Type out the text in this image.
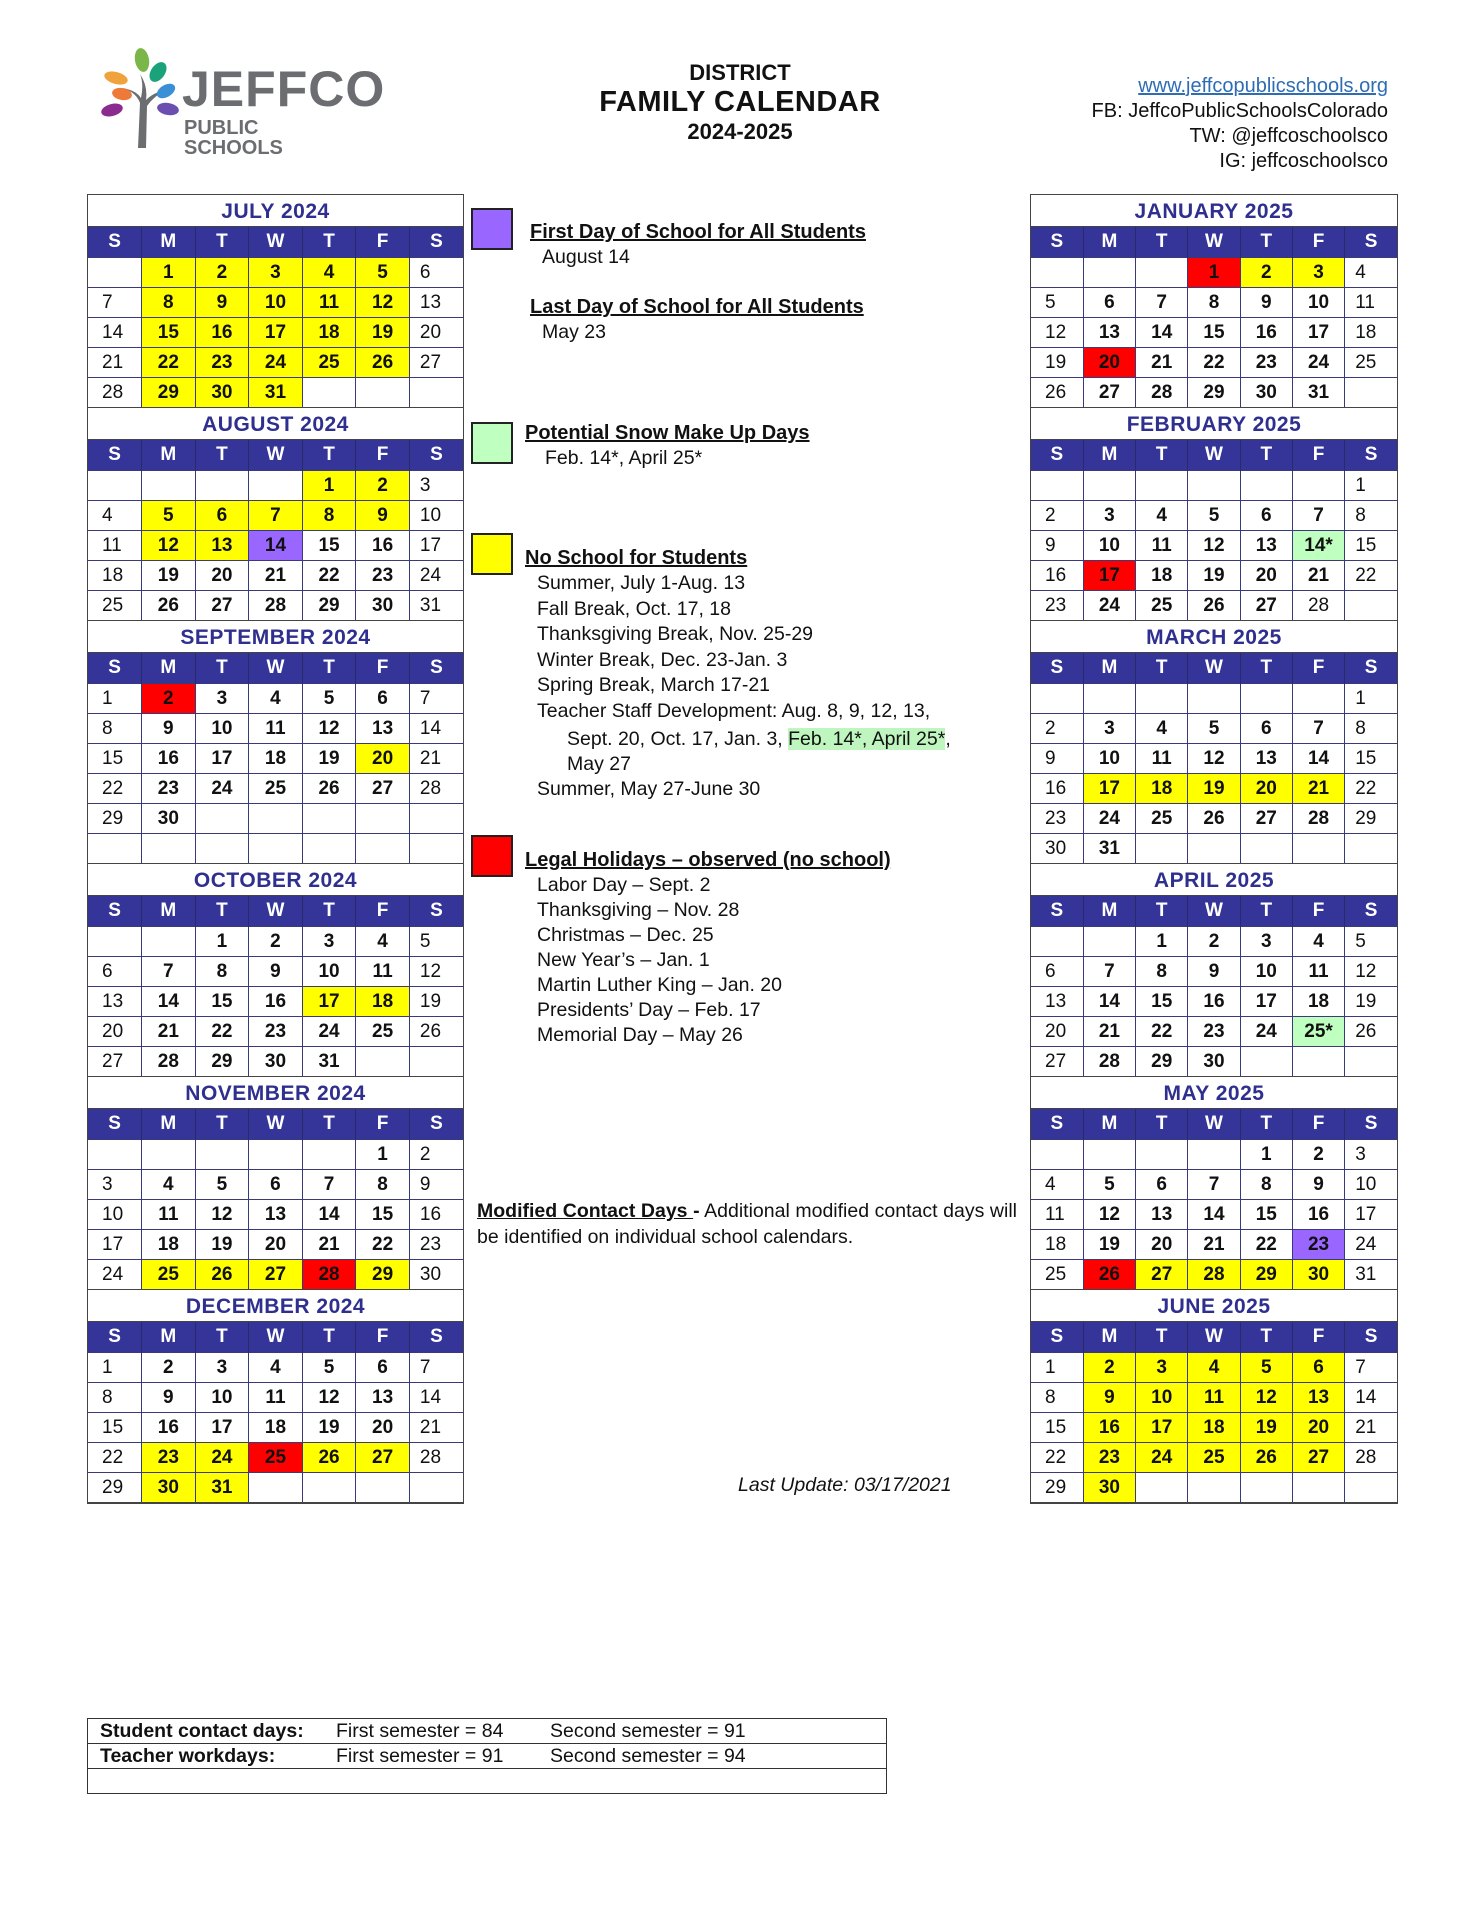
JEFFCO
PUBLIC SCHOOLS
DISTRICT
FAMILY CALENDAR
2024-2025
www.jeffcopublicschools.org
FB: JeffcoPublicSchoolsColorado
TW: @jeffcoschoolsco
IG: jeffcoschoolsco
JULY 2024
S	M	T	W	T	F	S
	1	2	3	4	5	6
7	8	9	10	11	12	13
14	15	16	17	18	19	20
21	22	23	24	25	26	27
28	29	30	31			
AUGUST 2024
S	M	T	W	T	F	S
				1	2	3
4	5	6	7	8	9	10
11	12	13	14	15	16	17
18	19	20	21	22	23	24
25	26	27	28	29	30	31
SEPTEMBER 2024
S	M	T	W	T	F	S
1	2	3	4	5	6	7
8	9	10	11	12	13	14
15	16	17	18	19	20	21
22	23	24	25	26	27	28
29	30					

OCTOBER 2024
S	M	T	W	T	F	S
		1	2	3	4	5
6	7	8	9	10	11	12
13	14	15	16	17	18	19
20	21	22	23	24	25	26
27	28	29	30	31		
NOVEMBER 2024
S	M	T	W	T	F	S
					1	2
3	4	5	6	7	8	9
10	11	12	13	14	15	16
17	18	19	20	21	22	23
24	25	26	27	28	29	30
DECEMBER 2024
S	M	T	W	T	F	S
1	2	3	4	5	6	7
8	9	10	11	12	13	14
15	16	17	18	19	20	21
22	23	24	25	26	27	28
29	30	31				
JANUARY 2025
S	M	T	W	T	F	S
			1	2	3	4
5	6	7	8	9	10	11
12	13	14	15	16	17	18
19	20	21	22	23	24	25
26	27	28	29	30	31	
FEBRUARY 2025
S	M	T	W	T	F	S
						1
2	3	4	5	6	7	8
9	10	11	12	13	14*	15
16	17	18	19	20	21	22
23	24	25	26	27	28	
MARCH 2025
S	M	T	W	T	F	S
						1
2	3	4	5	6	7	8
9	10	11	12	13	14	15
16	17	18	19	20	21	22
23	24	25	26	27	28	29
30	31					
APRIL 2025
S	M	T	W	T	F	S
		1	2	3	4	5
6	7	8	9	10	11	12
13	14	15	16	17	18	19
20	21	22	23	24	25*	26
27	28	29	30			
MAY 2025
S	M	T	W	T	F	S
				1	2	3
4	5	6	7	8	9	10
11	12	13	14	15	16	17
18	19	20	21	22	23	24
25	26	27	28	29	30	31
JUNE 2025
S	M	T	W	T	F	S
1	2	3	4	5	6	7
8	9	10	11	12	13	14
15	16	17	18	19	20	21
22	23	24	25	26	27	28
29	30					
First Day of School for All Students
August 14
Last Day of School for All Students
May 23
Potential Snow Make Up Days
Feb. 14*, April 25*
No School for Students
Summer, July 1-Aug. 13
Fall Break, Oct. 17, 18
Thanksgiving Break, Nov. 25-29
Winter Break, Dec. 23-Jan. 3
Spring Break, March 17-21
Teacher Staff Development: Aug. 8, 9, 12, 13,
Sept. 20, Oct. 17, Jan. 3, Feb. 14*, April 25*,
May 27
Summer, May 27-June 30
Legal Holidays – observed (no school)
Labor Day – Sept. 2
Thanksgiving – Nov. 28
Christmas – Dec. 25
New Year’s – Jan. 1
Martin Luther King – Jan. 20
Presidents’ Day – Feb. 17
Memorial Day – May 26
Modified Contact Days - Additional modified contact days will be identified on individual school calendars.
Last Update: 03/17/2021
Student contact days: First semester = 84 Second semester = 91
Teacher workdays:	First semester = 91 Second semester = 94
